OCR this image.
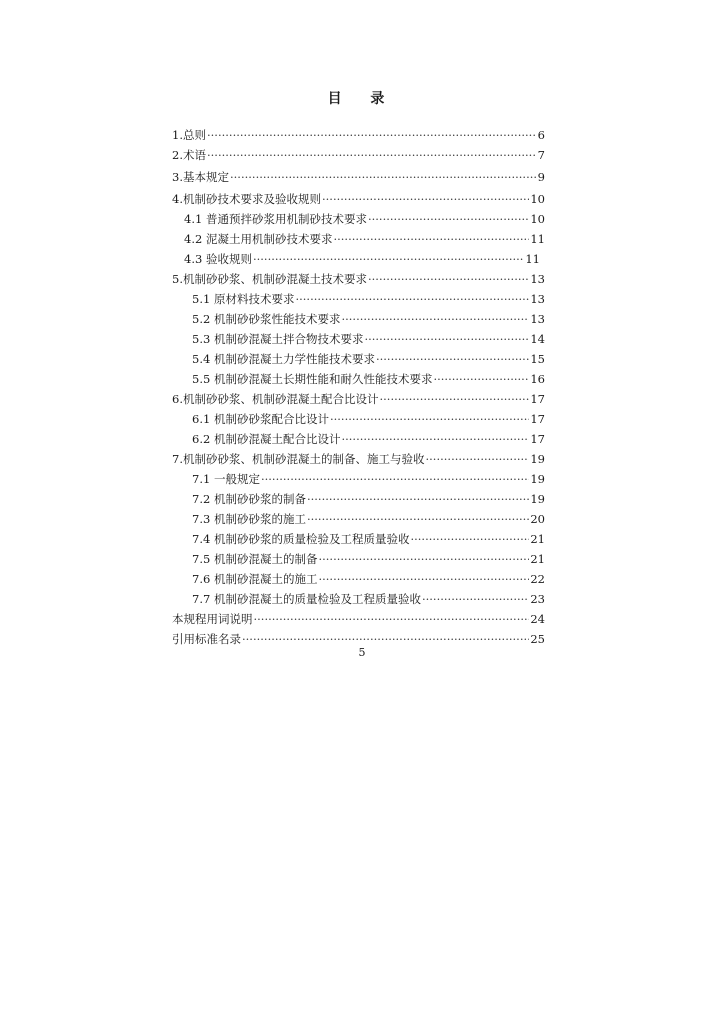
目 录
1.总则 ·····	6
2.术语 ·····	7
3.基本规定 ·····	9
4.机制砂技术要求及验收规则 ·····	10
4.1 普通预拌砂浆用机制砂技术要求 ·····	10
4.2 泥凝土用机制砂技术要求 ·····	11
4.3 验收规则 ·····	11
5.机制砂砂浆、机制砂混凝土技术要求 ·····	13
5.1 原材料技术要求 ·····	13
5.2 机制砂砂浆性能技术要求 ·····	13
5.3 机制砂混凝土拌合物技术要求 ·····	14
5.4 机制砂混凝土力学性能技术要求 ·····	15
5.5 机制砂混凝土长期性能和耐久性能技术要求 ·····	16
6.机制砂砂浆、机制砂混凝土配合比设计 ·····	17
6.1 机制砂砂浆配合比设计 ·····	17
6.2 机制砂混凝土配合比设计 ·····	17
7.机制砂砂浆、机制砂混凝土的制备、施工与验收 ·····	19
7.1 一般规定 ·····	19
7.2 机制砂砂浆的制备 ·····	19
7.3 机制砂砂浆的施工 ·····	20
7.4 机制砂砂浆的质量检验及工程质量验收 ·····	21
7.5 机制砂混凝土的制备 ·····	21
7.6 机制砂混凝土的施工 ·····	22
7.7 机制砂混凝土的质量检验及工程质量验收 ·····	23
本规程用词说明 ·····	24
引用标准名录 ·····	25
5
